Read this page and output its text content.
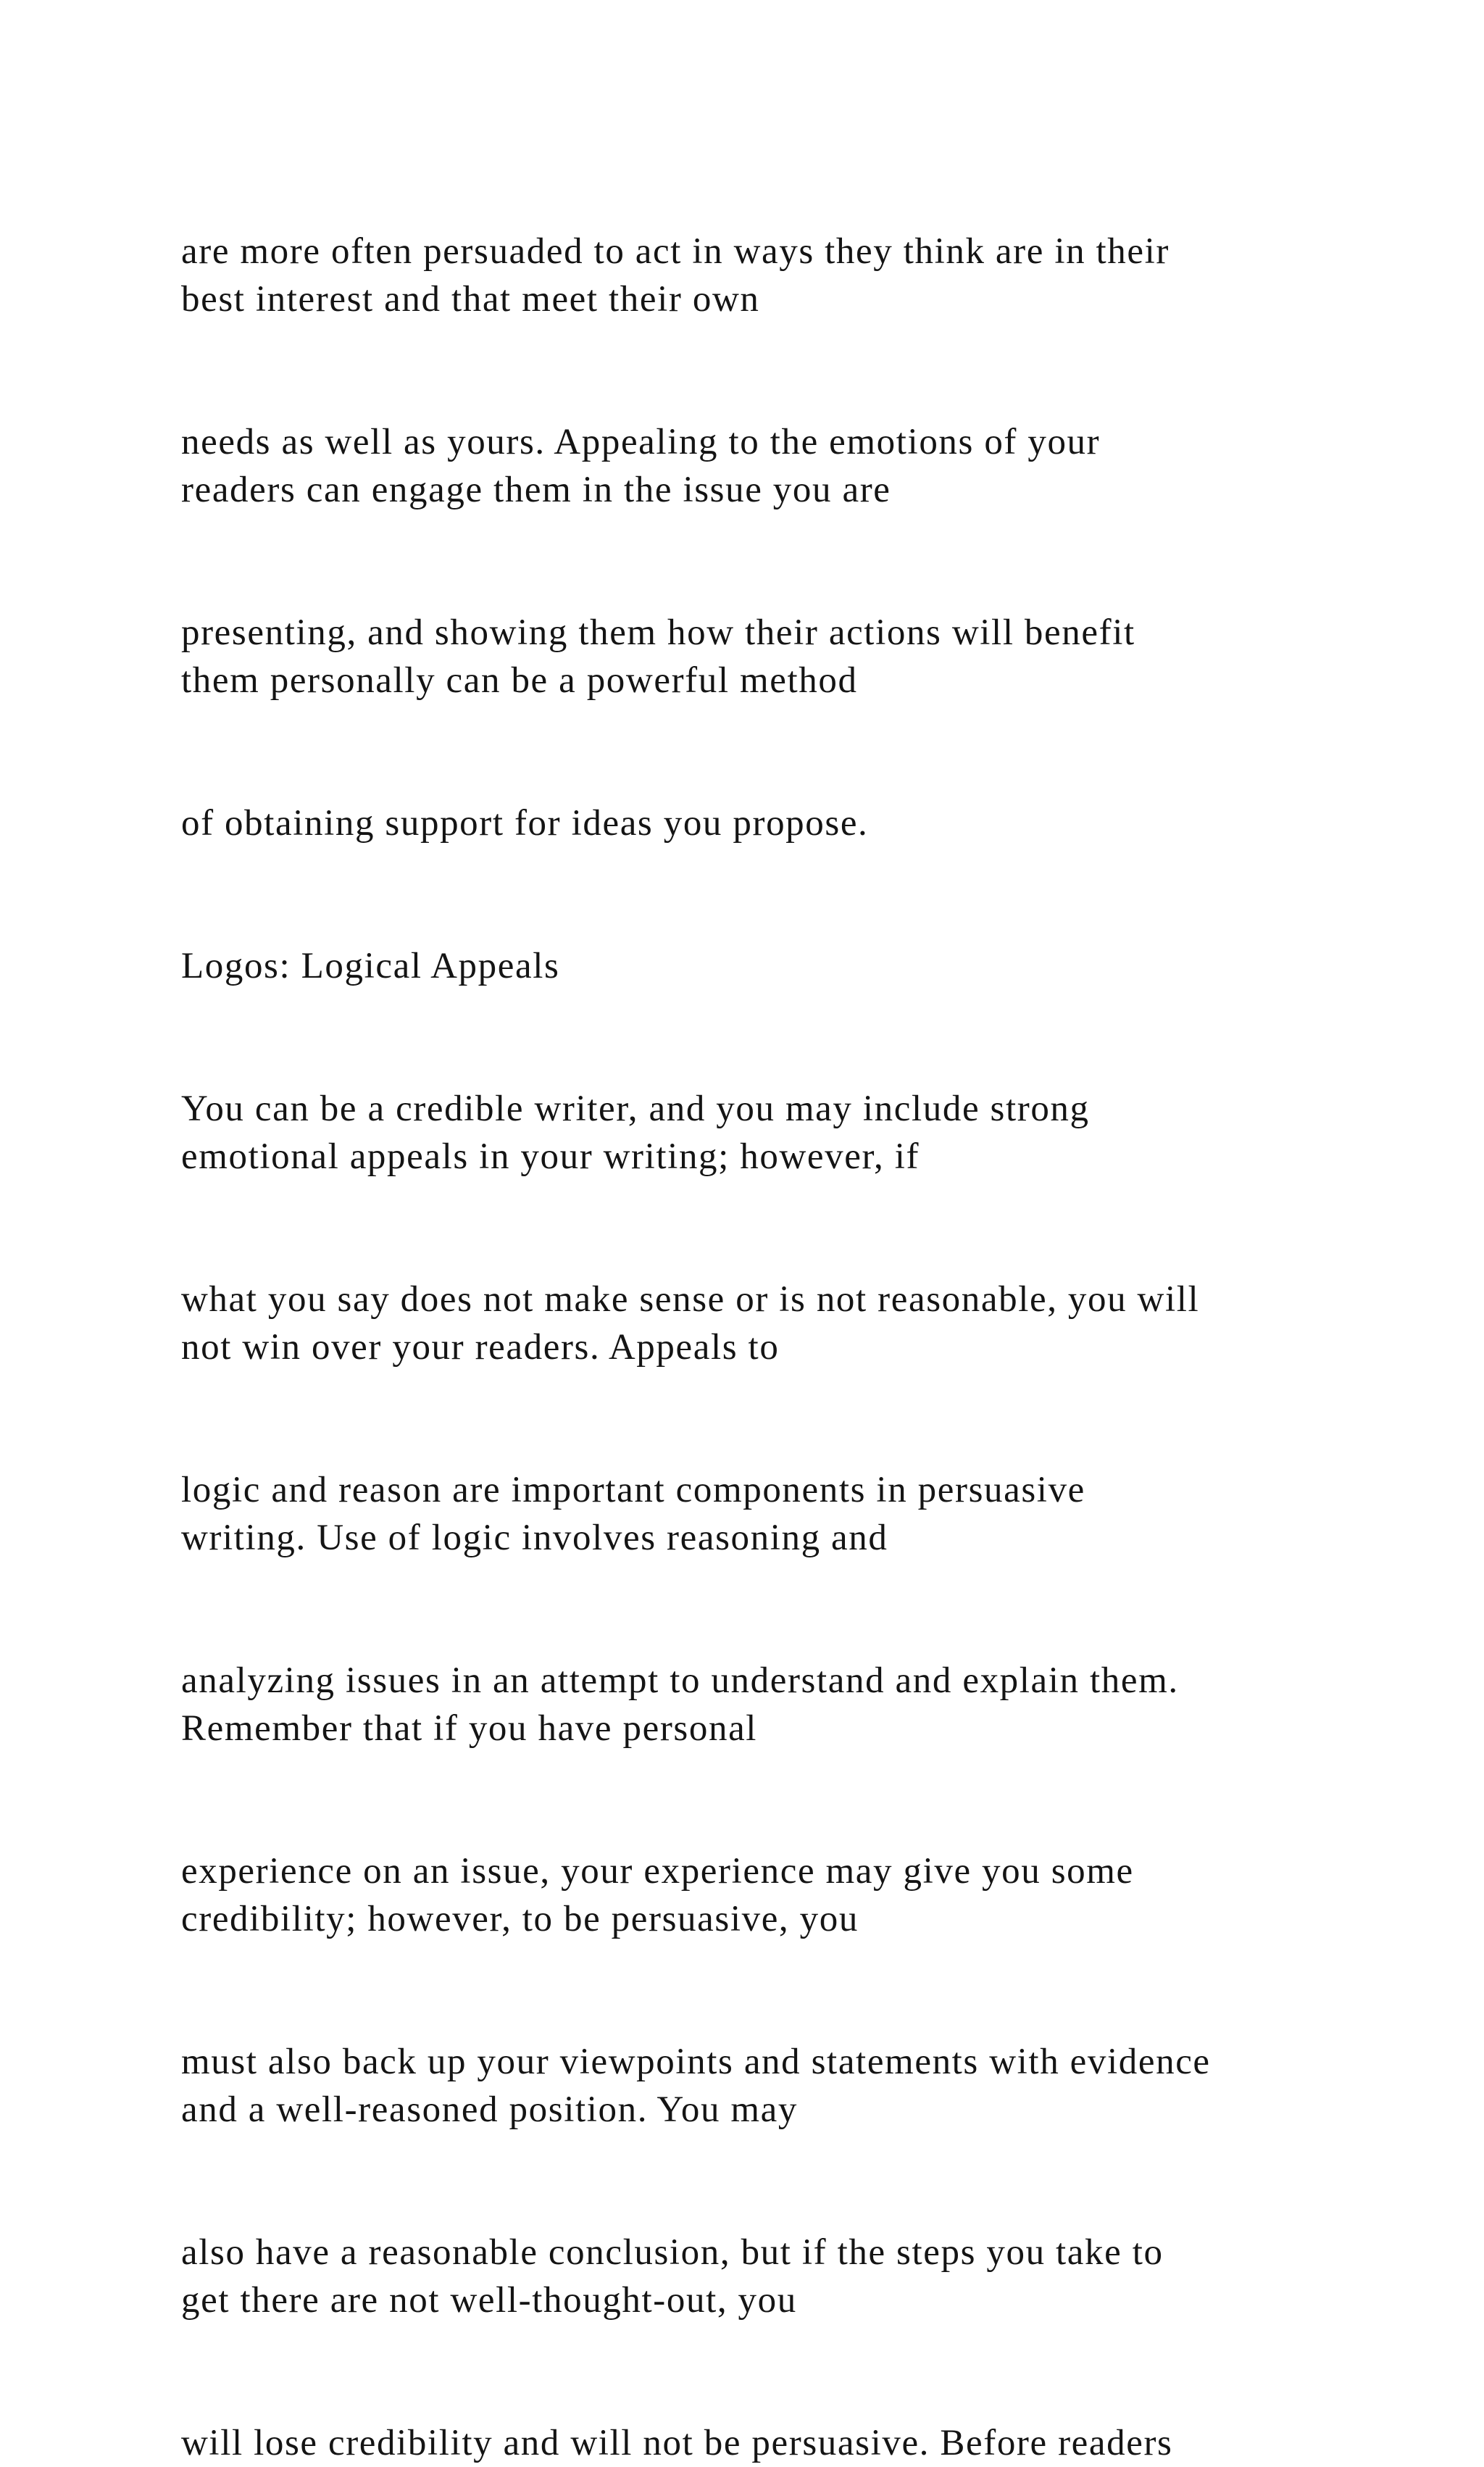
are more often persuaded to act in ways they think are in their
best interest and that meet their own
needs as well as yours. Appealing to the emotions of your
readers can engage them in the issue you are
presenting, and showing them how their actions will benefit
them personally can be a powerful method
of obtaining support for ideas you propose.
Logos: Logical Appeals
You can be a credible writer, and you may include strong
emotional appeals in your writing; however, if
what you say does not make sense or is not reasonable, you will
not win over your readers. Appeals to
logic and reason are important components in persuasive
writing. Use of logic involves reasoning and
analyzing issues in an attempt to understand and explain them.
Remember that if you have personal
experience on an issue, your experience may give you some
credibility; however, to be persuasive, you
must also back up your viewpoints and statements with evidence
and a well-reasoned position. You may
also have a reasonable conclusion, but if the steps you take to
get there are not well-thought-out, you
will lose credibility and will not be persuasive. Before readers
